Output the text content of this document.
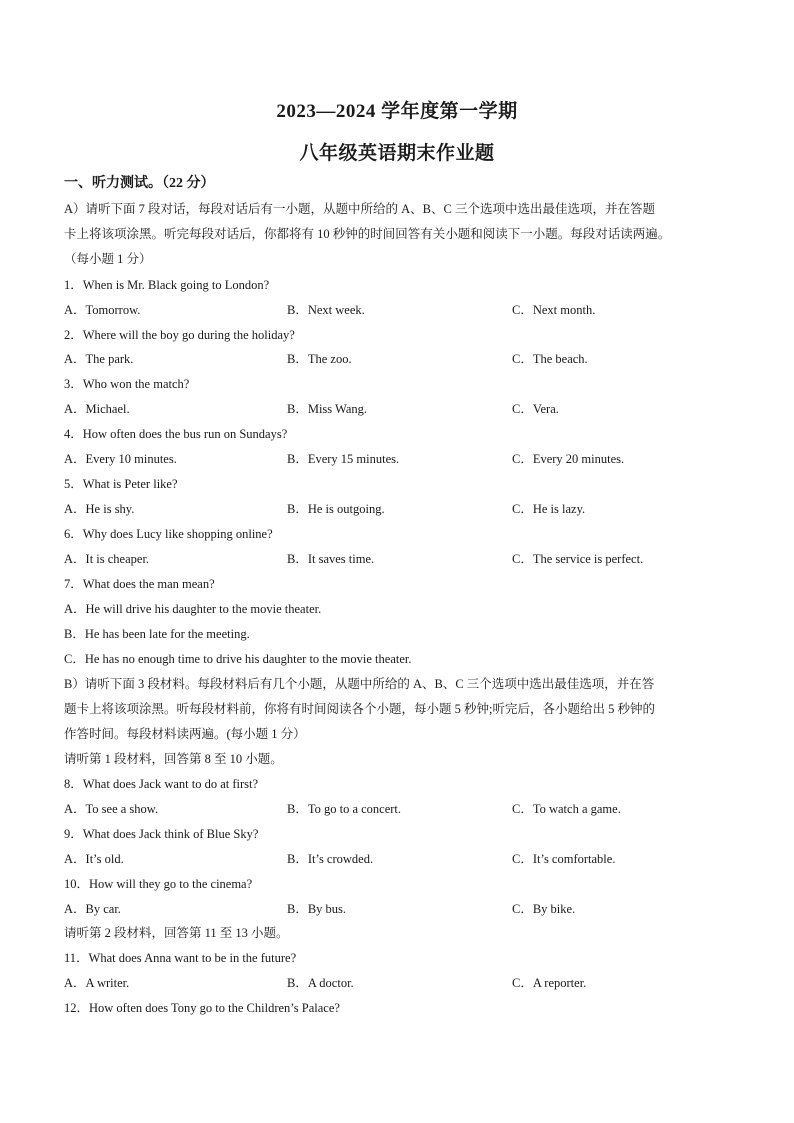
2023—2024 学年度第一学期
八年级英语期末作业题
一、听力测试。（22 分）
A）请听下面 7 段对话，每段对话后有一小题，从题中所给的 A、B、C 三个选项中选出最佳选项，并在答题
卡上将该项涂黑。听完每段对话后，你都将有 10 秒钟的时间回答有关小题和阅读下一小题。每段对话读两遍。
（每小题 1 分）
1．When is Mr. Black going to London?
A．Tomorrow.	B．Next week.	C．Next month.
2．Where will the boy go during the holiday?
A．The park.	B．The zoo.	C．The beach.
3．Who won the match?
A．Michael.	B．Miss Wang.	C．Vera.
4．How often does the bus run on Sundays?
A．Every 10 minutes.	B．Every 15 minutes.	C．Every 20 minutes.
5．What is Peter like?
A．He is shy.	B．He is outgoing.	C．He is lazy.
6．Why does Lucy like shopping online?
A．It is cheaper.	B．It saves time.	C．The service is perfect.
7．What does the man mean?
A．He will drive his daughter to the movie theater.
B．He has been late for the meeting.
C．He has no enough time to drive his daughter to the movie theater.
B）请听下面 3 段材料。每段材料后有几个小题，从题中所给的 A、B、C 三个选项中选出最佳选项，并在答
题卡上将该项涂黑。听每段材料前，你将有时间阅读各个小题，每小题 5 秒钟;听完后，各小题给出 5 秒钟的
作答时间。每段材料读两遍。(每小题 1 分）
请听第 1 段材料，回答第 8 至 10 小题。
8．What does Jack want to do at first?
A．To see a show.	B．To go to a concert.	C．To watch a game.
9．What does Jack think of Blue Sky?
A．It’s old.	B．It’s crowded.	C．It’s comfortable.
10．How will they go to the cinema?
A．By car.	B．By bus.	C．By bike.
请听第 2 段材料，回答第 11 至 13 小题。
11．What does Anna want to be in the future?
A．A writer.	B．A doctor.	C．A reporter.
12．How often does Tony go to the Children’s Palace?
